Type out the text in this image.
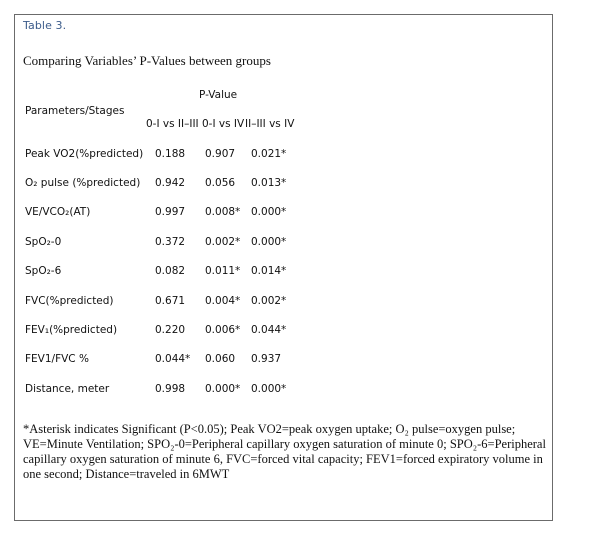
Table 3.
Comparing Variables’ P-Values between groups
P-Value
Parameters/Stages
0-I vs II–III 0-I vs IV II–III vs IV
Peak VO2(%predicted) 0.188 0.907 0.021*
O₂ pulse (%predicted) 0.942 0.056 0.013*
VE/VCO₂(AT)	0.997 0.008* 0.000*
SpO₂-0	0.372 0.002* 0.000*
SpO₂-6	0.082 0.011* 0.014*
FVC(%predicted)	0.671 0.004* 0.002*
FEV₁(%predicted)	0.220 0.006* 0.044*
FEV1/FVC %	0.044* 0.060 0.937
Distance, meter	0.998 0.000* 0.000*

*Asterisk indicates Significant (P<0.05); Peak VO2=peak oxygen uptake; O₂ pulse=oxygen pulse; VE=Minute Ventilation; SPO₂-0=Peripheral capillary oxygen saturation of minute 0; SPO₂-6=Peripheral capillary oxygen saturation of minute 6, FVC=forced vital capacity; FEV1=forced expiratory volume in one second; Distance=traveled in 6MWT
